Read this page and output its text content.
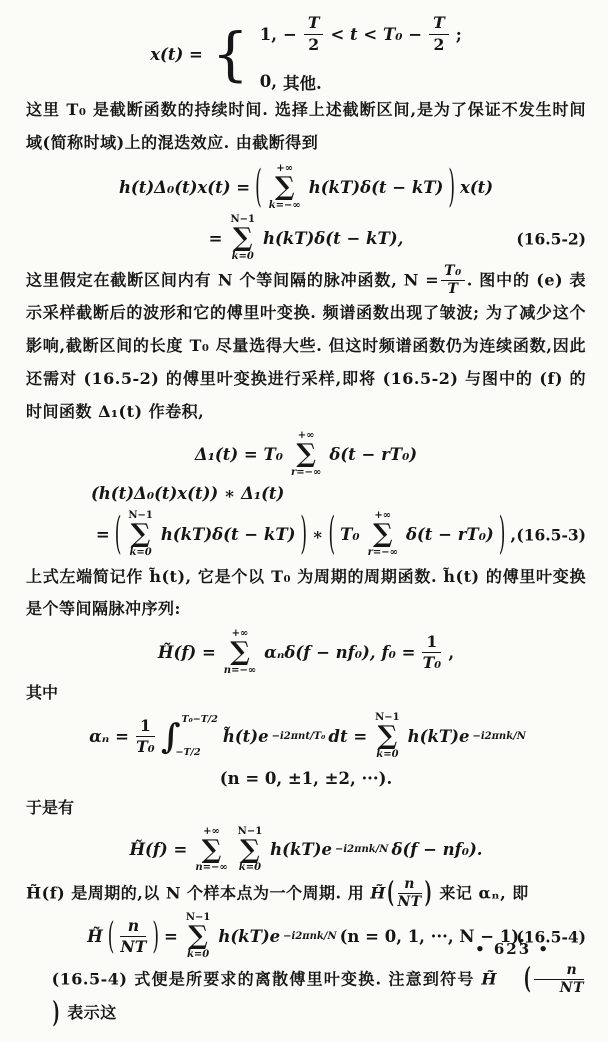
x(t) = { 1, − $\frac{T}{2} < t < T_0 - \frac{T}{2}$ ;
0, 其他.

这里 T₀ 是截断函数的持续时间. 选择上述截断区间,是为了保证不发生时间域(简称时域)上的混迭效应. 由截断得到

h(t)Δ₀(t)x(t) = ( +∞
∑
k=−∞
h(kT)δ(t − kT) ) x(t)
=
N−1
∑
k=0
h(kT)δ(t − kT),	(16.5-2)

这里假定在截断区间内有 N 个等间隔的脉冲函数, $N = \frac{\text{T₀}}{T}$ . 图中的 (e) 表示采样截断后的波形和它的傅里叶变换. 频谱函数出现了皱波; 为了减少这个影响,截断区间的长度 T₀ 尽量选得大些. 但这时频谱函数仍为连续函数,因此还需对 (16.5-2) 的傅里叶变换进行采样,即将 (16.5-2) 与图中的 (f) 的时间函数 Δ₁(t) 作卷积,

Δ₁(t) = T₀
+∞
∑
r=−∞
δ(t − rT₀)
(h(t)Δ₀(t)x(t)) ∗ Δ₁(t)
= ( N−1
∑
k=0
h(kT)δ(t − kT) ) ∗ ( T₀
+∞
∑
r=−∞
δ(t − rT₀) ) , (16.5-3)

上式左端简记作 h̃(t), 它是个以 T₀ 为周期的周期函数. h̃(t) 的傅里叶变换是个等间隔脉冲序列:

H̃(f) =
+∞
∑
n=−∞
αₙδ(f − nf₀), $f_0 = \frac{1}{\text{T₀}}$ ,

其中

$\alpha_n = \frac{1}{\text{T₀}}$ ∫ T₀−T/2
−T/2
h̃(t)e −i2πnt/T₀ dt =
N−1
∑
k=0
h(kT)e −i2πnk/N
(n = 0, ±1, ±2, ···).

于是有

H̃(f) =
+∞
∑
n=−∞
N−1
∑
k=0
h(kT)e −i2πnk/N δ(f − nf₀).

H̃(f) 是周期的,以 N 个样本点为一个周期. 用 H̃( $\frac{n}{NT}$ ) 来记 αₙ, 即

H̃ ( $\frac{n}{NT}$ ) =
N−1
∑
k=0
h(kT)e −i2πnk/N (n = 0, 1, ···, N − 1).
(16.5-4)

(16.5-4) 式便是所要求的离散傅里叶变换. 注意到符号 H̃ ( $\frac{n}{NT}$
) 表示这

• 623 •
